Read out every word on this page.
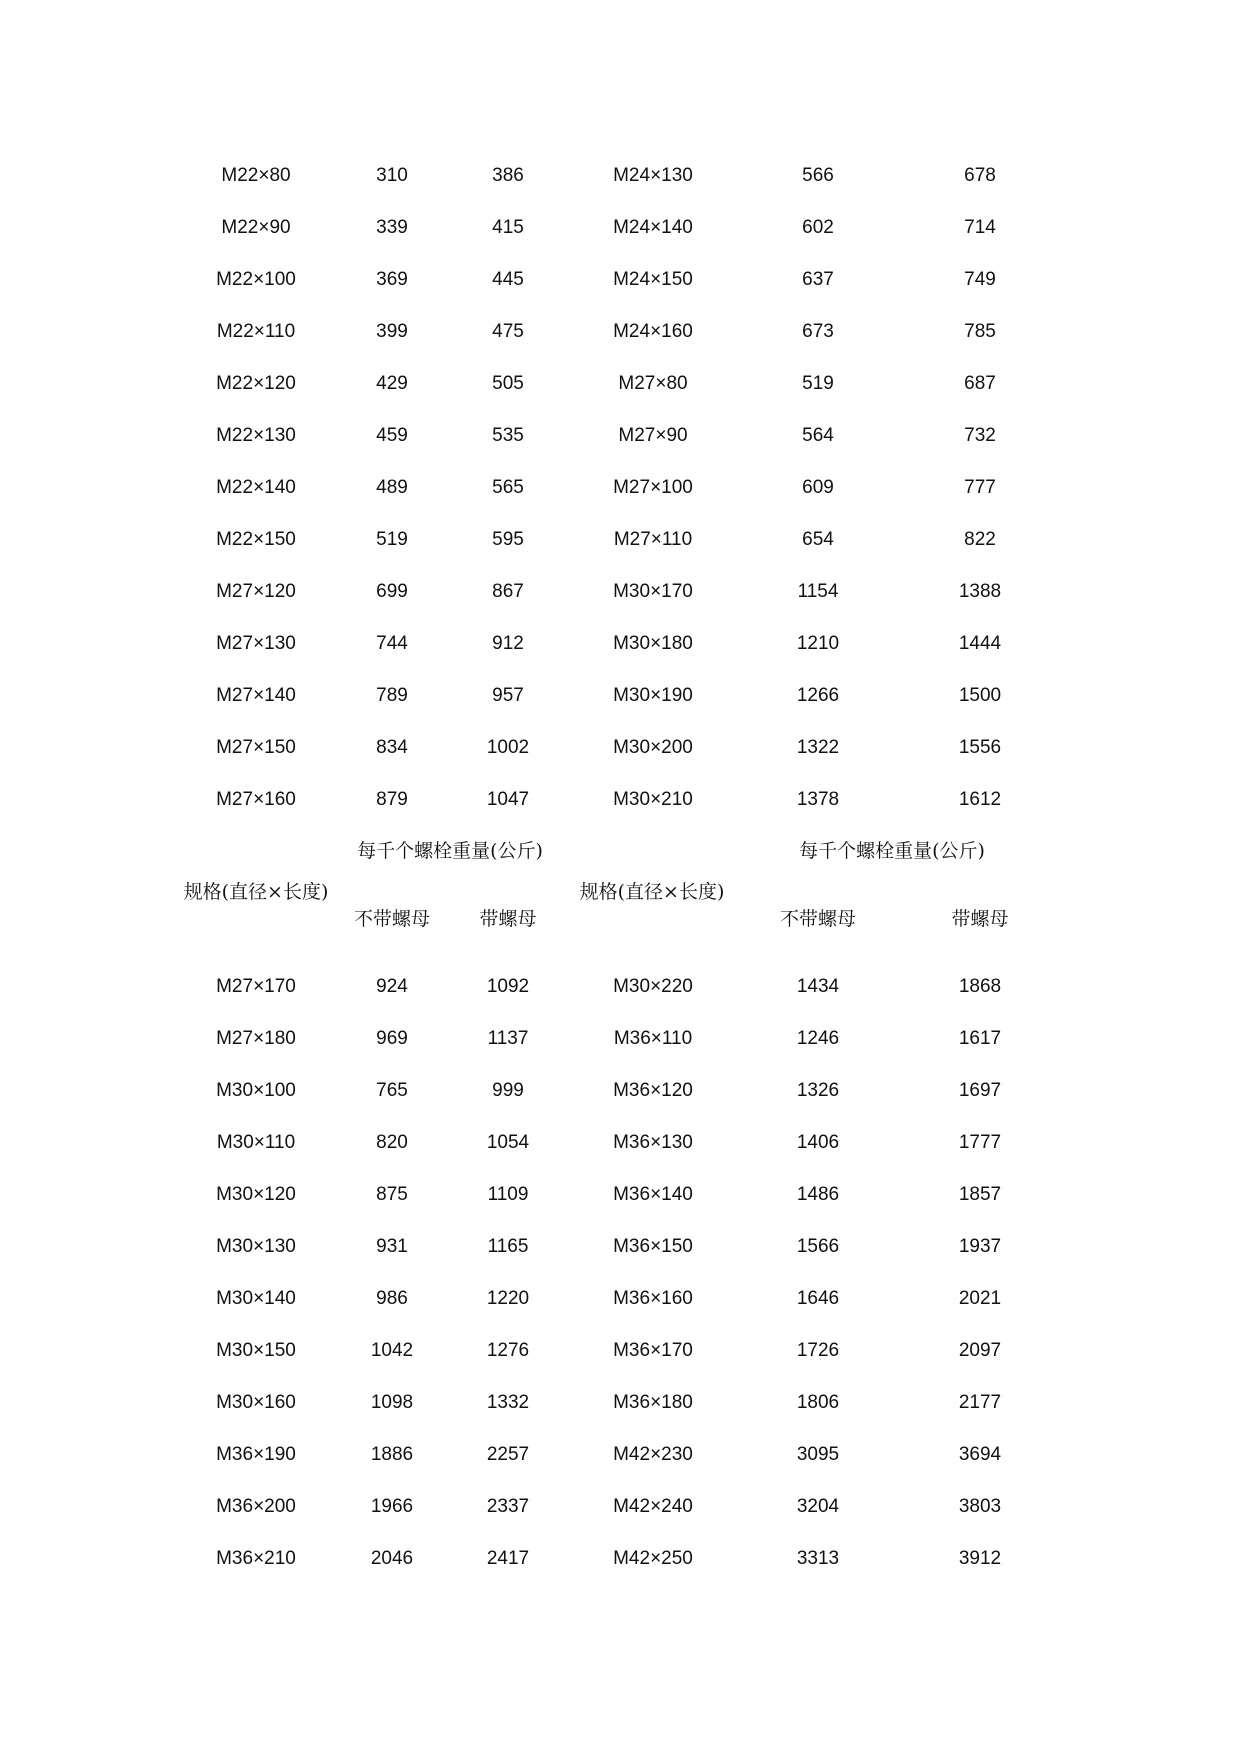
M22×80	310	386	M24×130	566	678
M22×90	339	415	M24×140	602	714
M22×100	369	445	M24×150	637	749
M22×110	399	475	M24×160	673	785
M22×120	429	505	M27×80	519	687
M22×130	459	535	M27×90	564	732
M22×140	489	565	M27×100	609	777
M22×150	519	595	M27×110	654	822
M27×120	699	867	M30×170	1154	1388
M27×130	744	912	M30×180	1210	1444
M27×140	789	957	M30×190	1266	1500
M27×150	834	1002	M30×200	1322	1556
M27×160	879	1047	M30×210	1378	1612
每千个螺栓重量(公斤)	每千个螺栓重量(公斤)
规格(直径×长度)	规格(直径×长度)
不带螺母	带螺母	不带螺母	带螺母
M27×170	924	1092	M30×220	1434	1868
M27×180	969	1137	M36×110	1246	1617
M30×100	765	999	M36×120	1326	1697
M30×110	820	1054	M36×130	1406	1777
M30×120	875	1109	M36×140	1486	1857
M30×130	931	1165	M36×150	1566	1937
M30×140	986	1220	M36×160	1646	2021
M30×150	1042	1276	M36×170	1726	2097
M30×160	1098	1332	M36×180	1806	2177
M36×190	1886	2257	M42×230	3095	3694
M36×200	1966	2337	M42×240	3204	3803
M36×210	2046	2417	M42×250	3313	3912
